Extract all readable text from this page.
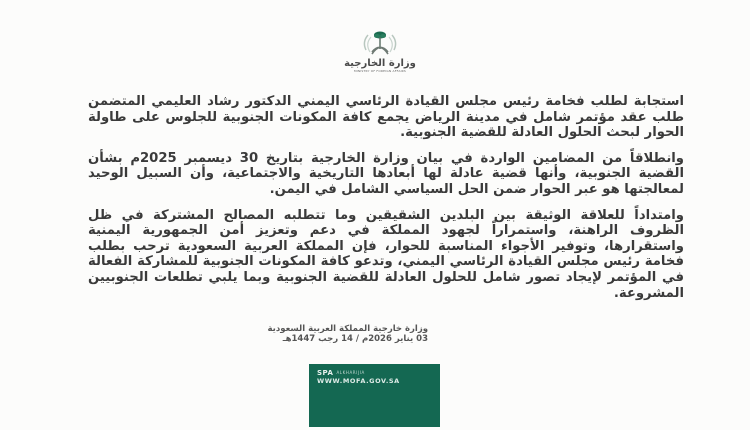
وزارة الخارجية
MINISTRY OF FOREIGN AFFAIRS

استجابة لطلب فخامة رئيس مجلس القيادة الرئاسي اليمني الدكتور رشاد العليمي المتضمن طلب عقد مؤتمر شامل في مدينة الرياض يجمع كافة المكونات الجنوبية للجلوس على طاولة الحوار لبحث الحلول العادلة للقضية الجنوبية.

وانطلاقاً من المضامين الواردة في بيان وزارة الخارجية بتاريخ 30 ديسمبر 2025م بشأن القضية الجنوبية، وأنها قضية عادلة لها أبعادها التاريخية والاجتماعية، وأن السبيل الوحيد لمعالجتها هو عبر الحوار ضمن الحل السياسي الشامل في اليمن.

وامتداداً للعلاقة الوثيقة بين البلدين الشقيقين وما تتطلبه المصالح المشتركة في ظل الظروف الراهنة، واستمراراً لجهود المملكة في دعم وتعزيز أمن الجمهورية اليمنية واستقرارها، وتوفير الأجواء المناسبة للحوار، فإن المملكة العربية السعودية ترحب بطلب فخامة رئيس مجلس القيادة الرئاسي اليمني، وتدعو كافة المكونات الجنوبية للمشاركة الفعالة في المؤتمر لإيجاد تصور شامل للحلول العادلة للقضية الجنوبية وبما يلبي تطلعات الجنوبيين المشروعة.

وزارة خارجية المملكة العربية السعودية
03 يناير 2026م / 14 رجب 1447هـ
SPA ALKHARIJIA
WWW.MOFA.GOV.SA
